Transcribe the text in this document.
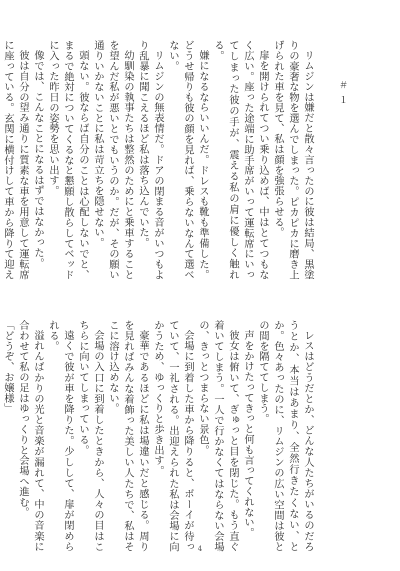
＃１

リムジンは嫌だと散々言ったのに彼は結局、黒塗りの豪奢な物を選んでしまった。ピカピカに磨き上げられた車を見て、私は顔を強張らせる。

扉を開けられてつい乗り込めば、中はとてつもなく広い。座った途端に助手席がいって運転席にいってしまった彼の手が、震える私の肩に優しく触れる。

嫌になるならいいんだ。ドレスも靴も準備した。どうせ帰りも彼の顔を見れば、乗らないなんて選べない。

リムジンの無表情だ。ドアの閉まる音がいつもより乱暴に聞こえるほど私は落ち込んでいた。

幼馴染の執事たちは整然のためにと乗車することを望んだ私が悪いとでもいうのか。だが、その願い通りいかないことに私は苛立ちを隠せない。

頭ない。彼ならば自分のことは心配しないでと、まるで絶対についてくるなと懇願し散らしてベッドに入った昨日の姿勢を思い出す。

像では、こんなことになるはずではなかった。

彼は自分の望み通りに質素な車を用意して運転席に座っている。玄関に横付けして車から降りて迎え

レスはどうだとか、どんな人たちがいるのだろうとか、本当はあまり、全然行きたくない、とか。色々あったのに、リムジンの広い空間は彼との間を隔ててしまう。

声をかけたってきっと何も言ってくれない。

彼女は俯いて、ぎゅっと目を閉じた。もう直ぐ着いてしまう。一人で行かなくてはならない会場の、きっとつまらない景色。

会場に到着した車から降りると、ボーイが待っていて、一礼される。出迎えられた私は会場に向かうため、ゆっくりと歩き出す。

豪華であるほどに私は場違いだと感じる。周りを見ればみんな着飾った美しい人たちで、私はそこに溶け込めない。

会場の入口に到着したときから、人々の目はこちらに向いてしまっている。

遠くで彼が車を降りた。少しして、扉が閉められる。

溢れんばかりの光と音楽が漏れて、中の音楽に合わせて私の足はゆっくりと会場へ進む。

「どうぞ、お嬢様」

4
